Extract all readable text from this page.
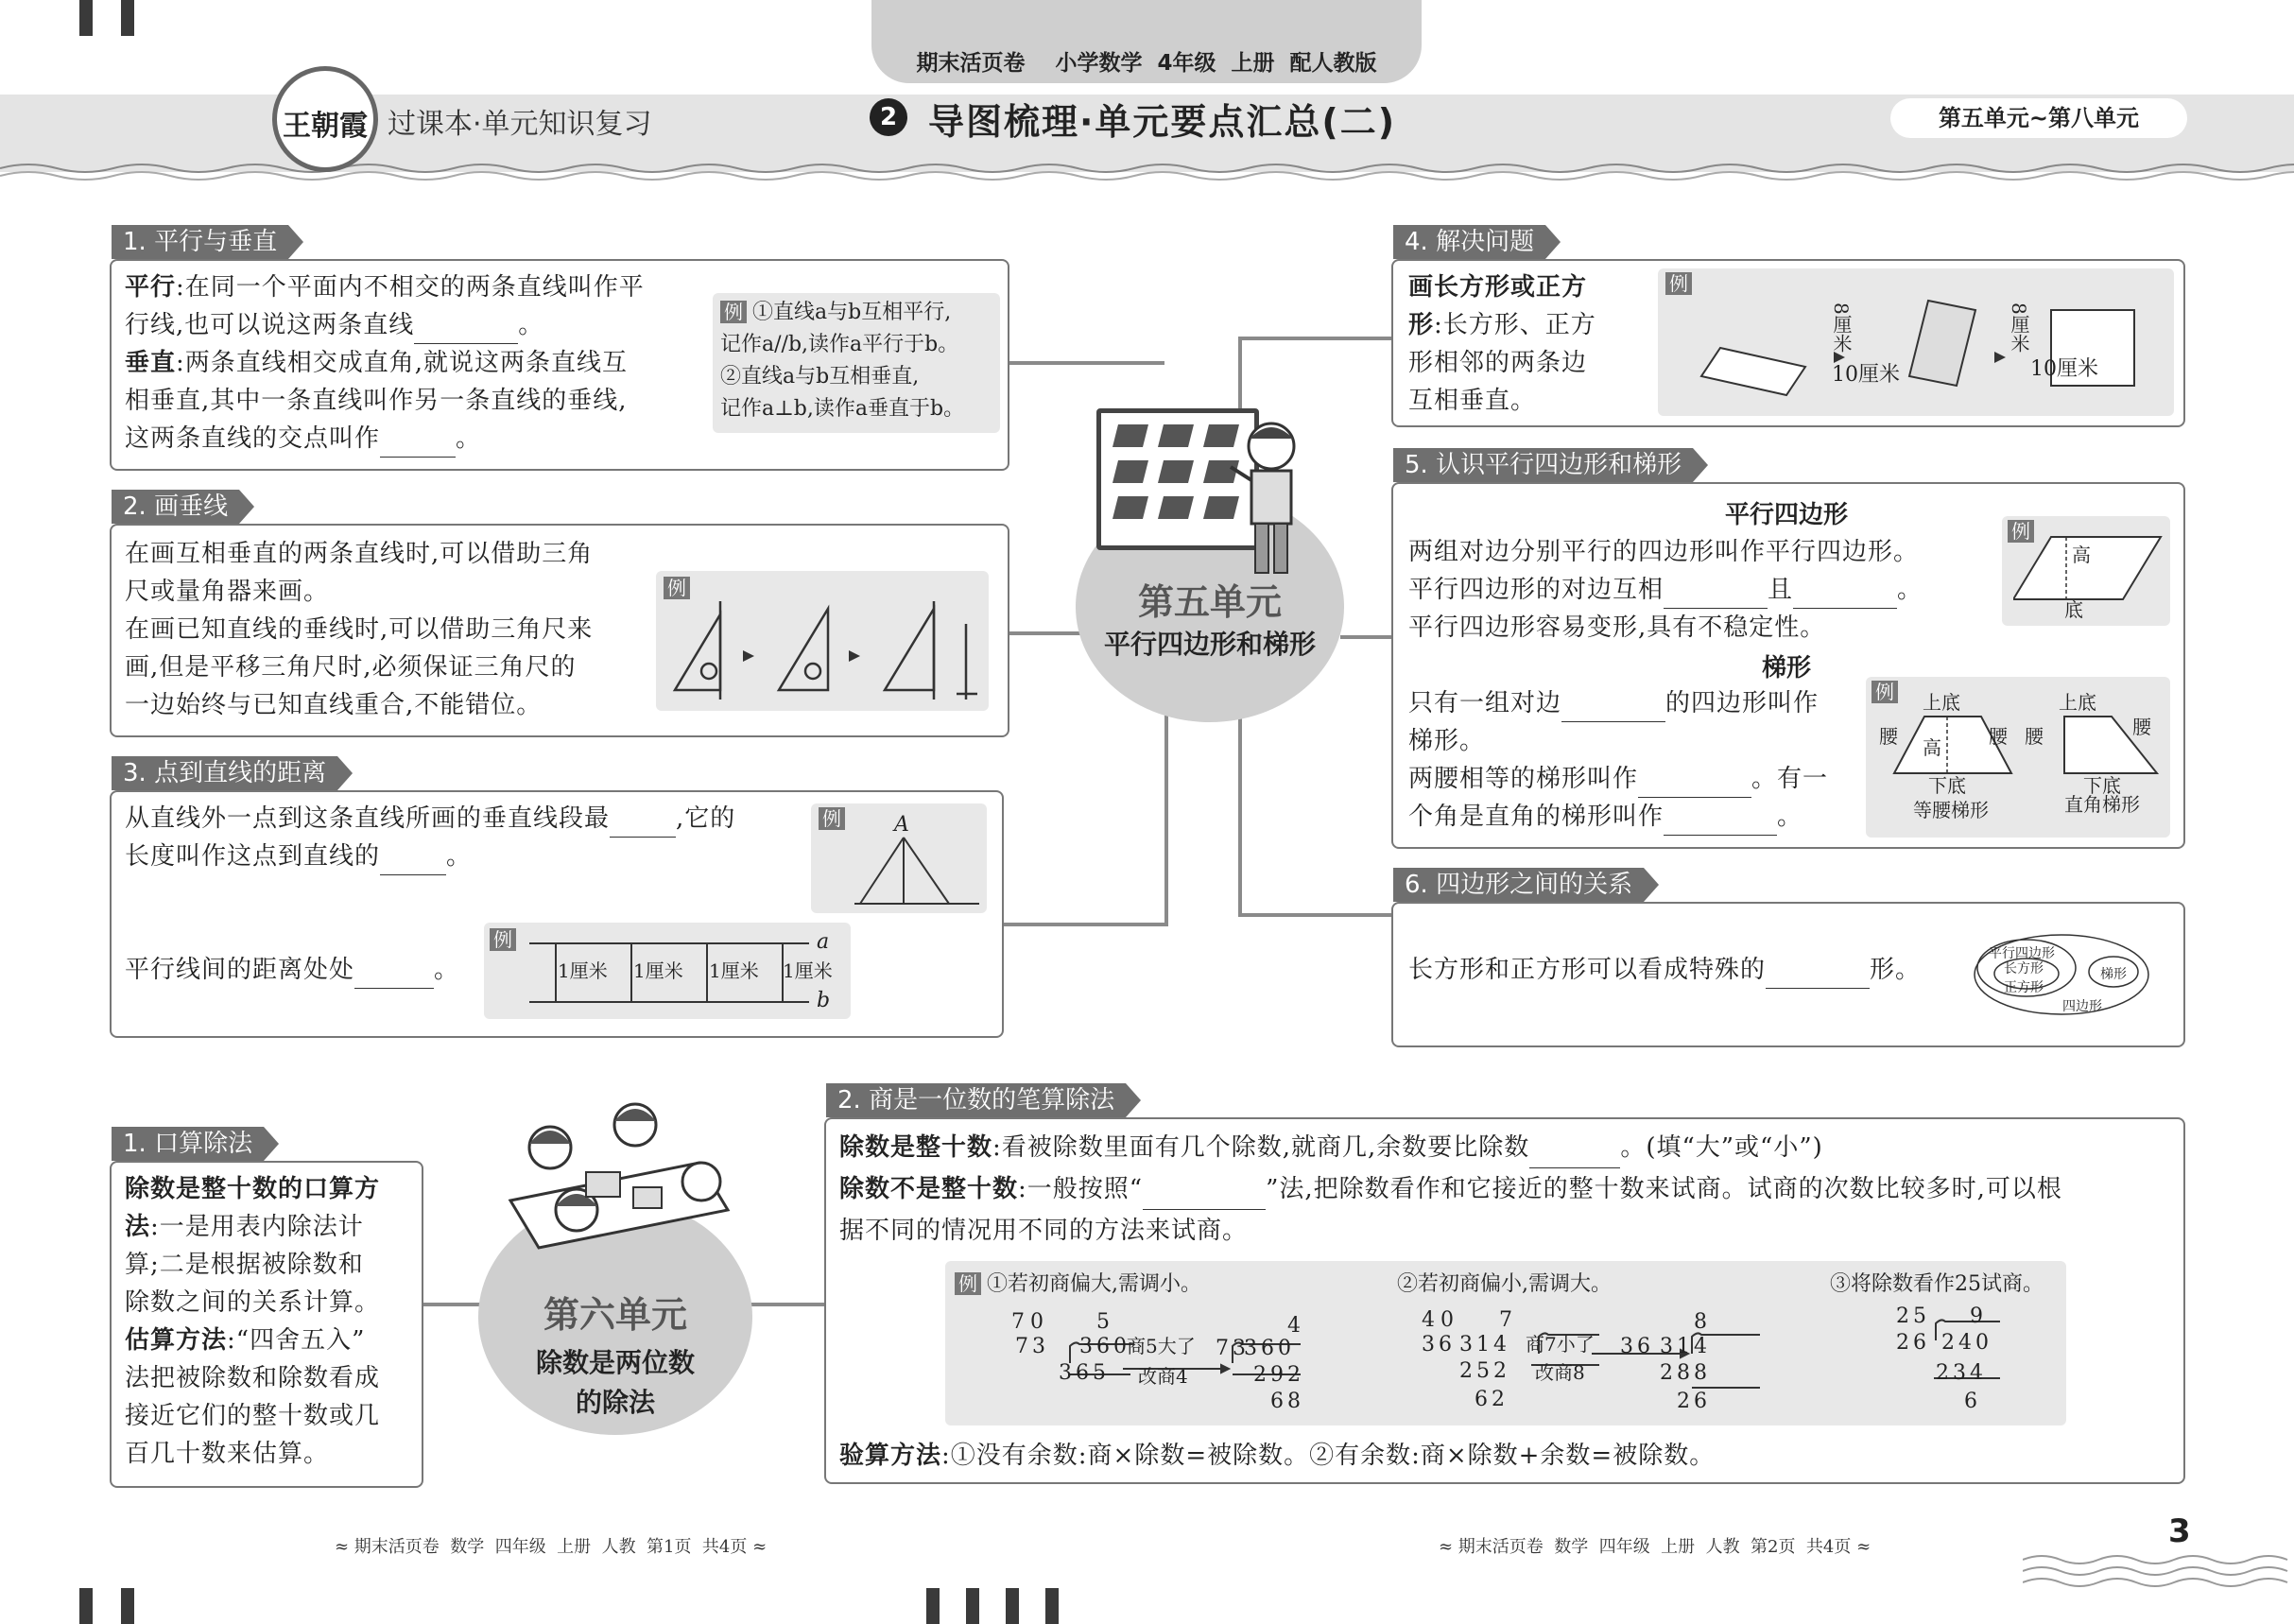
期末活页卷    小学数学  4年级  上册  配人教版
王朝霞 过课本·单元知识复习	2 导图梳理·单元要点汇总(二)	第五单元~第八单元
第五单元
平行四边形和梯形
1. 平行与垂直
平行:在同一个平面内不相交的两条直线叫作平
行线,也可以说这两条直线	。
垂直:两条直线相交成直角,就说这两条直线互
相垂直,其中一条直线叫作另一条直线的垂线,
这两条直线的交点叫作	。
例 ①直线a与b互相平行,
记作a//b,读作a平行于b。
②直线a与b互相垂直,
记作a⊥b,读作a垂直于b。
2. 画垂线
在画互相垂直的两条直线时,可以借助三角
尺或量角器来画。
在画已知直线的垂线时,可以借助三角尺来
画,但是平移三角尺时,必须保证三角尺的
一边始终与已知直线重合,不能错位。
例
3. 点到直线的距离
从直线外一点到这条直线所画的垂直线段最	,它的
长度叫作这点到直线的	。
平行线间的距离处处	。
例	A
例
1厘米 1厘米 1厘米 1厘米
a
b
4. 解决问题
画长方形或正方
形:长方形、正方
形相邻的两条边
互相垂直。
例
10厘米	10厘米
8厘米	8厘米
5. 认识平行四边形和梯形
平行四边形
两组对边分别平行的四边形叫作平行四边形。
平行四边形的对边互相	且	。
平行四边形容易变形,具有不稳定性。
梯形
只有一组对边	的四边形叫作
梯形。
两腰相等的梯形叫作	。有一
个角是直角的梯形叫作	。
例
高
底
例	上底	上底
腰	腰 腰	腰
高
下底	下底
等腰梯形	直角梯形
6. 四边形之间的关系
长方形和正方形可以看成特殊的	形。
平行四边形
长方形
正方形
梯形
四边形
第六单元
除数是两位数
的除法
1. 口算除法
除数是整十数的口算方
法:一是用表内除法计
算;二是根据被除数和
除数之间的关系计算。
估算方法:“四舍五入”
法把被除数和除数看成
接近它们的整十数或几
百几十数来估算。
2. 商是一位数的笔算除法
除数是整十数:看被除数里面有几个除数,就商几,余数要比除数	。(填“大”或“小”)
除数不是整十数:一般按照“	”法,把除数看作和它接近的整十数来试商。试商的次数比较多时,可以根
据不同的情况用不同的方法来试商。
例 ①若初商偏大,需调小。	②若初商偏小,需调大。	③将除数看作25试商。
70 5
73 360
365
商5大了
改商4
4
73
360
292
68
40 7
36 314
252
62
商7小了
改商8
8
36 314
288
26
25 9
26 240
234
6
验算方法:①没有余数:商×除数=被除数。②有余数:商×除数+余数=被除数。
≈ 期末活页卷  数学  四年级  上册  人教  第1页  共4页 ≈	≈ 期末活页卷  数学  四年级  上册  人教  第2页  共4页 ≈	3
